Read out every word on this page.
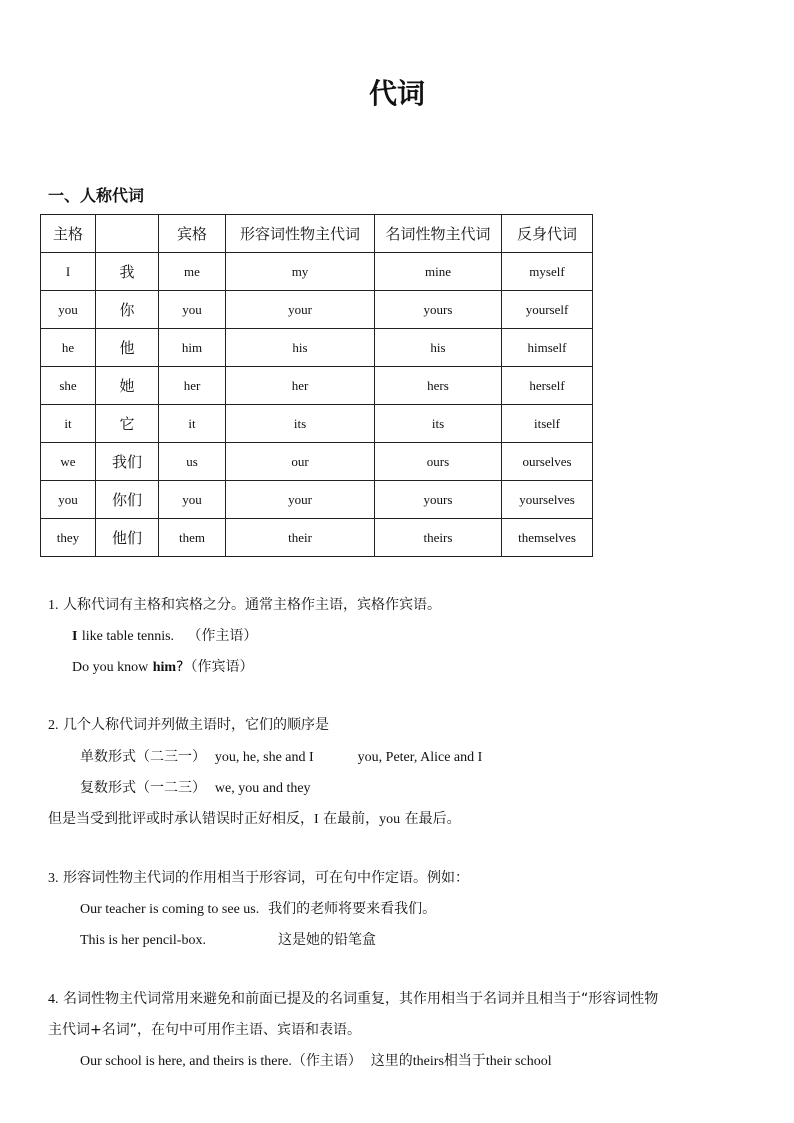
代词
一、人称代词
主格		宾格	形容词性物主代词	名词性物主代词	反身代词
I	我	me	my	mine	myself
you	你	you	your	yours	yourself
he	他	him	his	his	himself
she	她	her	her	hers	herself
it	它	it	its	its	itself
we	我们	us	our	ours	ourselves
you	你们	you	your	yours	yourselves
they	他们	them	their	theirs	themselves
1. 人称代词有主格和宾格之分。通常主格作主语，宾格作宾语。
I like table tennis. （作主语）
Do you know him?（作宾语）
2. 几个人称代词并列做主语时，它们的顺序是
单数形式（二三一） you, he, she and I	you, Peter, Alice and I
复数形式（一二三） we, you and they
但是当受到批评或时承认错误时正好相反，I 在最前，you 在最后。
3. 形容词性物主代词的作用相当于形容词，可在句中作定语。例如：
Our teacher is coming to see us. 我们的老师将要来看我们。
This is her pencil-box.	这是她的铅笔盒
4. 名词性物主代词常用来避免和前面已提及的名词重复，其作用相当于名词并且相当于“形容词性物
主代词+名词”，在句中可用作主语、宾语和表语。
Our school is here, and theirs is there.（作主语） 这里的theirs相当于their school
